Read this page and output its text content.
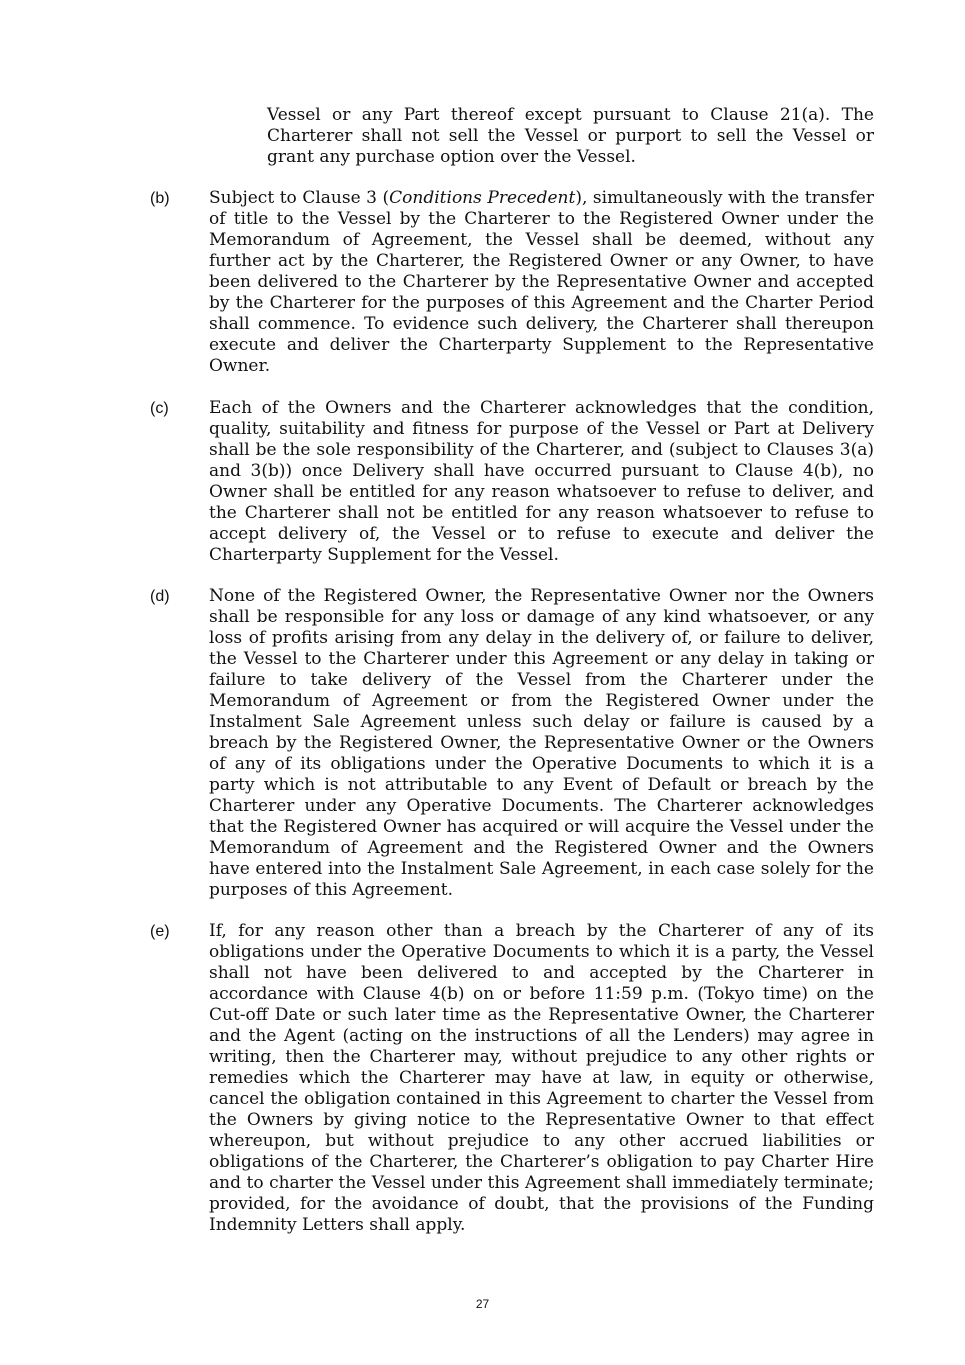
Vessel or any Part thereof except pursuant to Clause 21(a). The Charterer shall not sell the Vessel or purport to sell the Vessel or grant any purchase option over the Vessel.

(b)	Subject to Clause 3 (Conditions Precedent), simultaneously with the transfer of title to the Vessel by the Charterer to the Registered Owner under the Memorandum of Agreement, the Vessel shall be deemed, without any further act by the Charterer, the Registered Owner or any Owner, to have been delivered to the Charterer by the Representative Owner and accepted by the Charterer for the purposes of this Agreement and the Charter Period shall commence. To evidence such delivery, the Charterer shall thereupon execute and deliver the Charterparty Supplement to the Representative Owner.

(c)	Each of the Owners and the Charterer acknowledges that the condition, quality, suitability and fitness for purpose of the Vessel or Part at Delivery shall be the sole responsibility of the Charterer, and (subject to Clauses 3(a) and 3(b)) once Delivery shall have occurred pursuant to Clause 4(b), no Owner shall be entitled for any reason whatsoever to refuse to deliver, and the Charterer shall not be entitled for any reason whatsoever to refuse to accept delivery of, the Vessel or to refuse to execute and deliver the Charterparty Supplement for the Vessel.

(d)	None of the Registered Owner, the Representative Owner nor the Owners shall be responsible for any loss or damage of any kind whatsoever, or any loss of profits arising from any delay in the delivery of, or failure to deliver, the Vessel to the Charterer under this Agreement or any delay in taking or failure to take delivery of the Vessel from the Charterer under the Memorandum of Agreement or from the Registered Owner under the Instalment Sale Agreement unless such delay or failure is caused by a breach by the Registered Owner, the Representative Owner or the Owners of any of its obligations under the Operative Documents to which it is a party which is not attributable to any Event of Default or breach by the Charterer under any Operative Documents. The Charterer acknowledges that the Registered Owner has acquired or will acquire the Vessel under the Memorandum of Agreement and the Registered Owner and the Owners have entered into the Instalment Sale Agreement, in each case solely for the purposes of this Agreement.

(e)	If, for any reason other than a breach by the Charterer of any of its obligations under the Operative Documents to which it is a party, the Vessel shall not have been delivered to and accepted by the Charterer in accordance with Clause 4(b) on or before 11:59 p.m. (Tokyo time) on the Cut-off Date or such later time as the Representative Owner, the Charterer and the Agent (acting on the instructions of all the Lenders) may agree in writing, then the Charterer may, without prejudice to any other rights or remedies which the Charterer may have at law, in equity or otherwise, cancel the obligation contained in this Agreement to charter the Vessel from the Owners by giving notice to the Representative Owner to that effect whereupon, but without prejudice to any other accrued liabilities or obligations of the Charterer, the Charterer’s obligation to pay Charter Hire and to charter the Vessel under this Agreement shall immediately terminate; provided, for the avoidance of doubt, that the provisions of the Funding Indemnity Letters shall apply.

27
